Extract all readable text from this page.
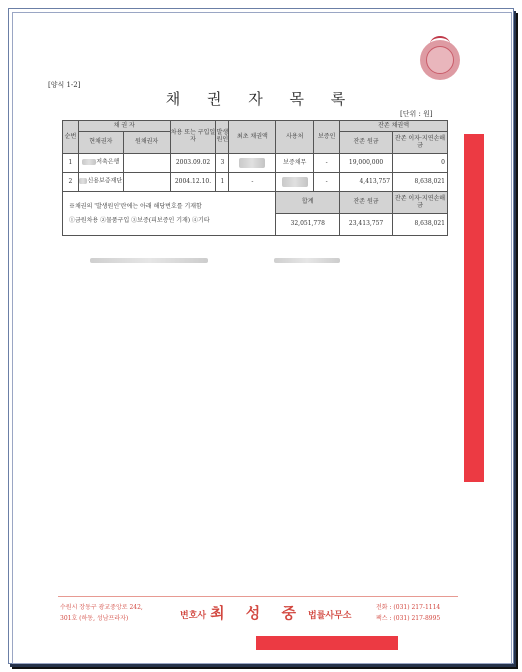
[양식 1-2]
채 권 자 목 록
[단위 : 원]
순번	채 권 자		차용 또는 구입일자	발생원인	최초 채권액	사용처	보증인	잔존 채권액	
	현채권자	원채권자						잔존 원금	잔존 이자·지연손해금
1	저축은행		2003.09.02	3		보증채무	-	19,000,000	0
2	신용보증재단		2004.12.10.	1	-		-	4,413,757	8,638,021

※채권의 '발생원인'란에는 아래 해당번호를 기재함
①금원차용 ②물품구입 ③보증(피보증인 기재) ④기타						합계		잔존 원금	잔존 이자·지연손해금
						32,051,778		23,413,757	8,638,021
수원시 장동구 광교중앙로 242,
301호 (하동, 성남프라자)	변호사 최 성 중 법률사무소
전화 : (031) 217-1114
팩스 : (031) 217-8995
